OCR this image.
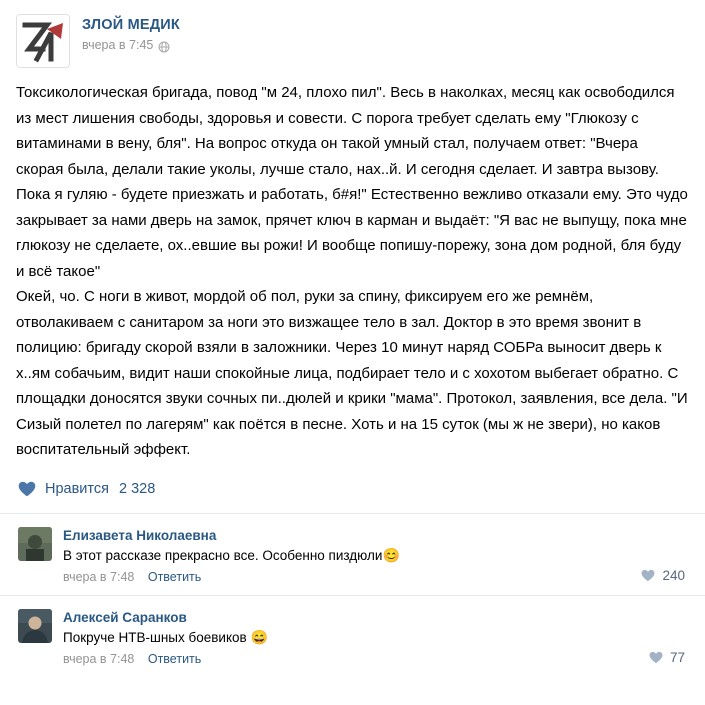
ЗЛОЙ МЕДИК
вчера в 7:45

Токсикологическая бригада, повод "м 24, плохо пил". Весь в наколках, месяц как освободился из мест лишения свободы, здоровья и совести. С порога требует сделать ему "Глюкозу с витаминами в вену, бля". На вопрос откуда он такой умный стал, получаем ответ: "Вчера скорая была, делали такие уколы, лучше стало, нах..й. И сегодня сделает. И завтра вызову. Пока я гуляю - будете приезжать и работать, б#я!" Естественно вежливо отказали ему. Это чудо закрывает за нами дверь на замок, прячет ключ в карман и выдаёт: "Я вас не выпущу, пока мне глюкозу не сделаете, ох..евшие вы рожи! И вообще попишу-порежу, зона дом родной, бля буду и всё такое"

Окей, чо. С ноги в живот, мордой об пол, руки за спину, фиксируем его же ремнём, отволакиваем с санитаром за ноги это визжащее тело в зал. Доктор в это время звонит в полицию: бригаду скорой взяли в заложники. Через 10 минут наряд СОБРа выносит дверь к х..ям собачьим, видит наши спокойные лица, подбирает тело и с хохотом выбегает обратно. С площадки доносятся звуки сочных пи..дюлей и крики "мама". Протокол, заявления, все дела. "И Сизый полетел по лагерям" как поётся в песне. Хоть и на 15 суток (мы ж не звери), но каков воспитательный эффект.

Нравится 2 328
Елизавета Николаевна
В этот рассказе прекрасно все. Особенно пиздюли😊
вчера в 7:48 Ответить	240
Алексей Саранков
Покруче НТВ-шных боевиков 😄
вчера в 7:48 Ответить	77
